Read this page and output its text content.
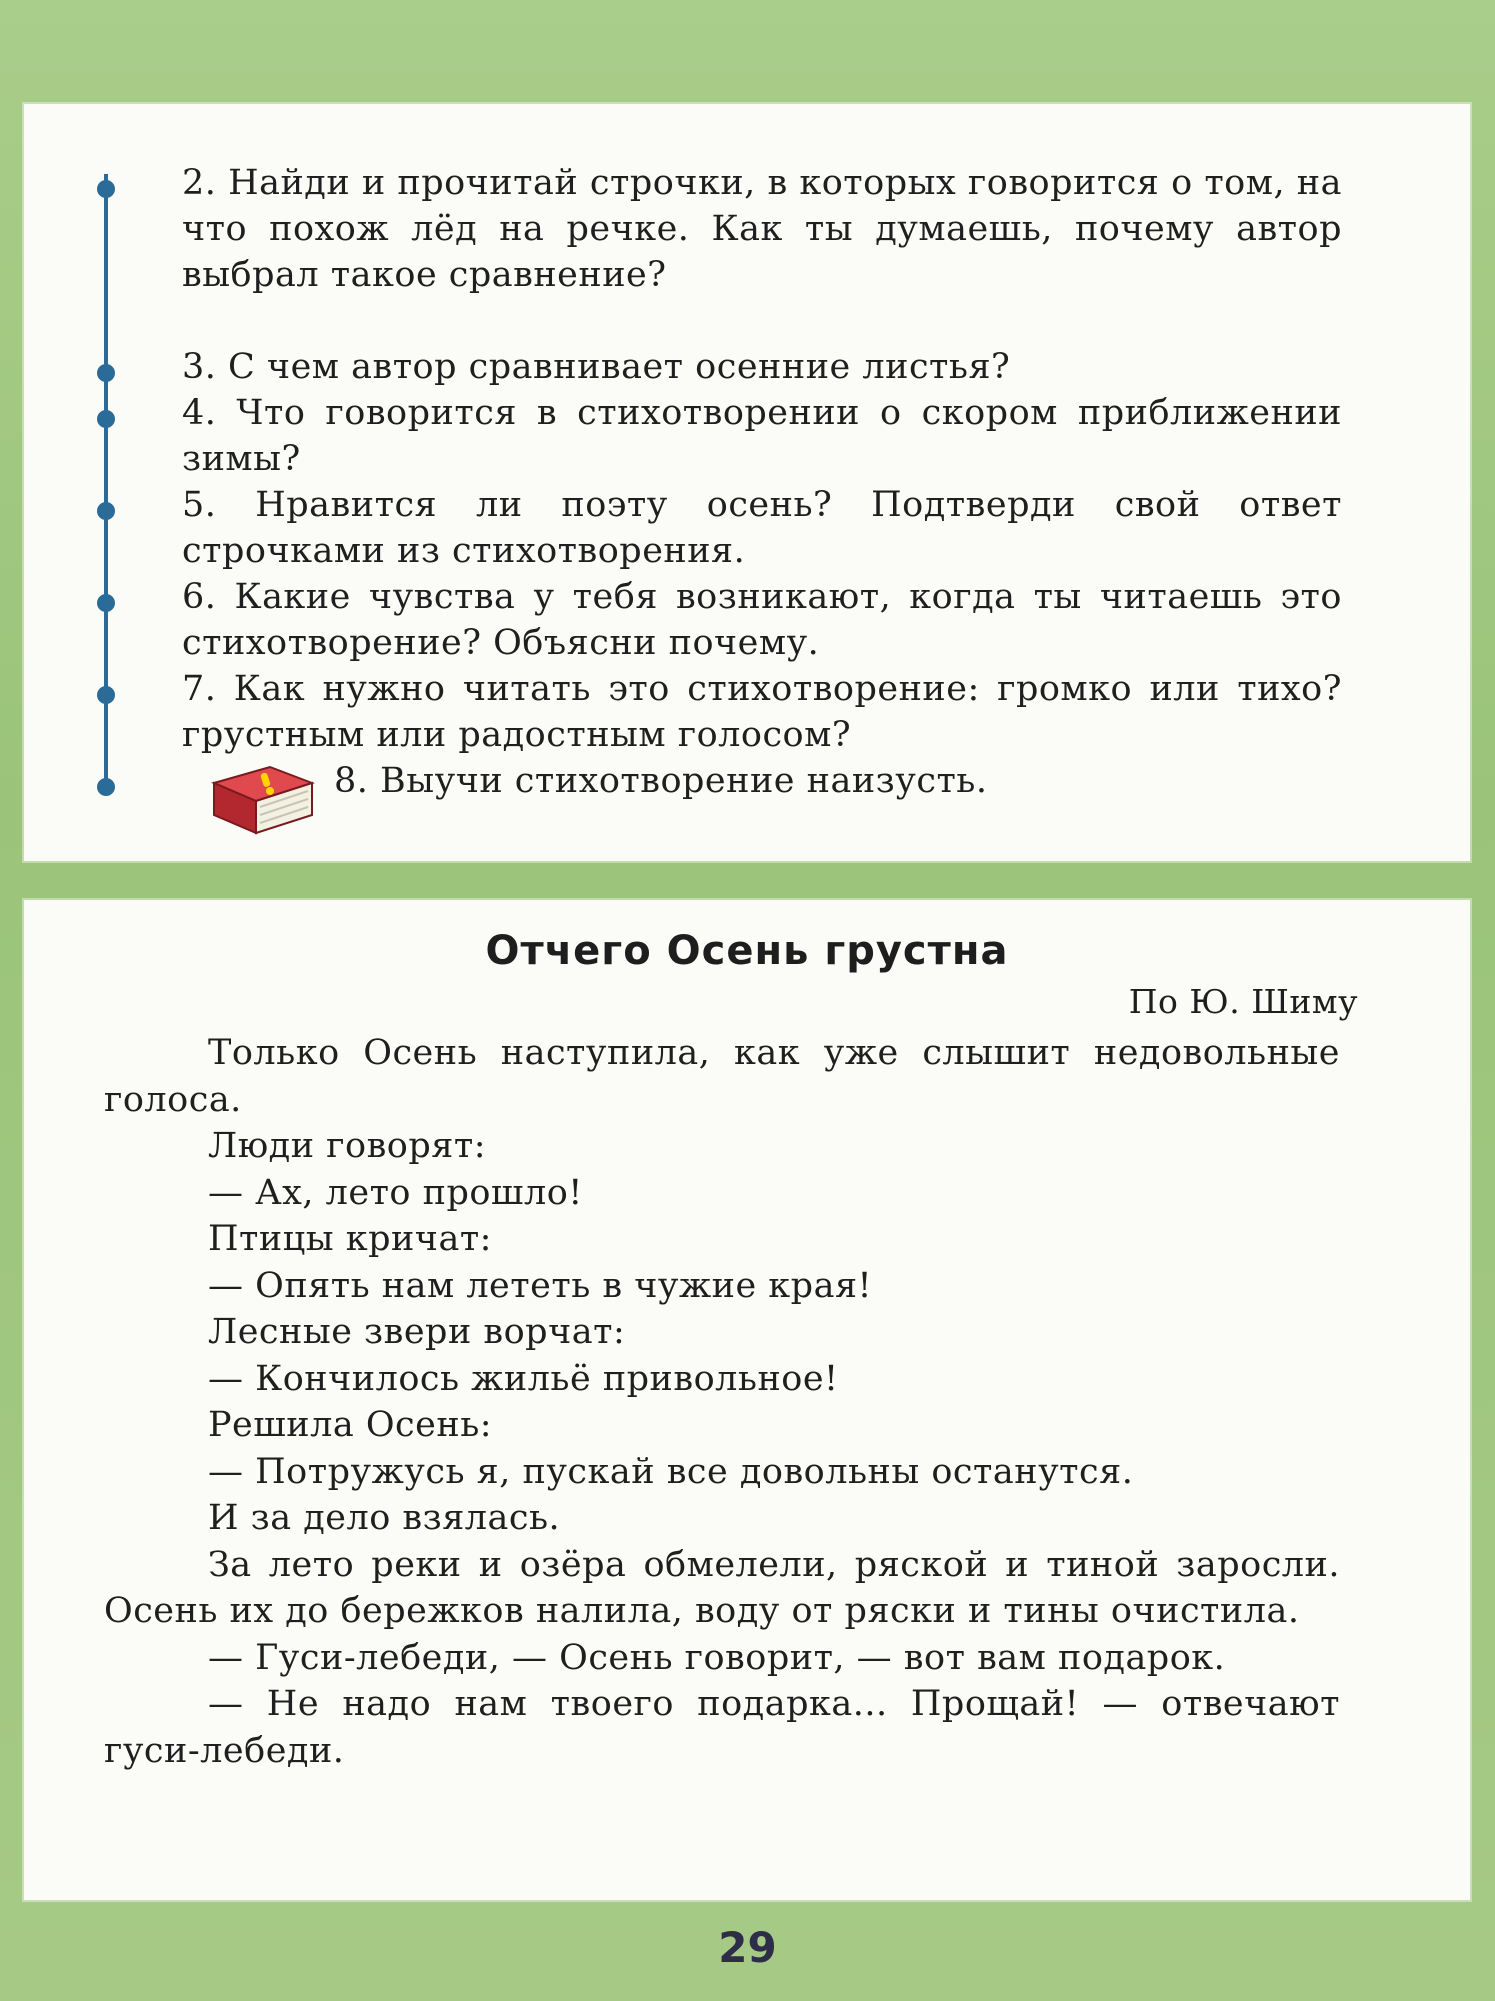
2. Найди и прочитай строчки, в которых говорится о том, на что похож лёд на речке. Как ты думаешь, почему автор выбрал такое сравнение?
3. С чем автор сравнивает осенние листья?
4. Что говорится в стихотворении о скором приближении зимы?
5. Нравится ли поэту осень? Подтверди свой ответ строчками из стихотворения.
6. Какие чувства у тебя возникают, когда ты читаешь это стихотворение? Объясни почему.
7. Как нужно читать это стихотворение: громко или тихо? грустным или радостным голосом?
8. Выучи стихотворение наизусть.
Отчего Осень грустна
По Ю. Шиму

Только Осень наступила, как уже слышит недовольные голоса.

Люди говорят:

— Ах, лето прошло!

Птицы кричат:

— Опять нам лететь в чужие края!

Лесные звери ворчат:

— Кончилось жильё привольное!

Решила Осень:

— Потружусь я, пускай все довольны останутся.

И за дело взялась.

За лето реки и озёра обмелели, ряской и тиной заросли. Осень их до бережков налила, воду от ряски и тины очистила.

— Гуси-лебеди, — Осень говорит, — вот вам подарок.

— Не надо нам твоего подарка... Прощай! — отвечают гуси-лебеди.

29
